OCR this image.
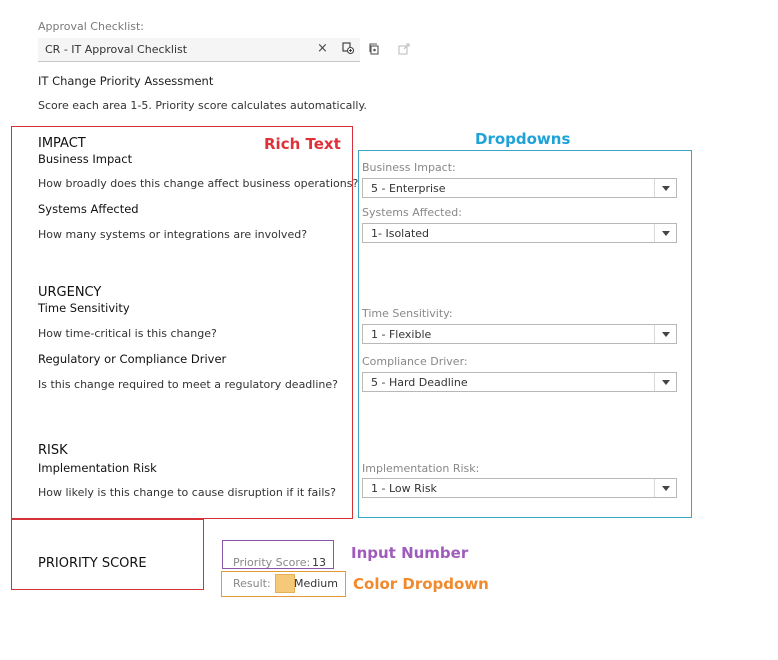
Approval Checklist:
CR - IT Approval Checklist	×
IT Change Priority Assessment
Score each area 1-5. Priority score calculates automatically.
Rich Text
IMPACT
Business Impact
How broadly does this change affect business operations?
Systems Affected
How many systems or integrations are involved?
URGENCY
Time Sensitivity
How time-critical is this change?
Regulatory or Compliance Driver
Is this change required to meet a regulatory deadline?
RISK
Implementation Risk
How likely is this change to cause disruption if it fails?
Dropdowns
Business Impact:
5 - Enterprise
Systems Affected:
1- Isolated
Time Sensitivity:
1 - Flexible
Compliance Driver:
5 - Hard Deadline
Implementation Risk:
1 - Low Risk
PRIORITY SCORE	Priority Score: 13
Input Number
Result: Medium Color Dropdown
